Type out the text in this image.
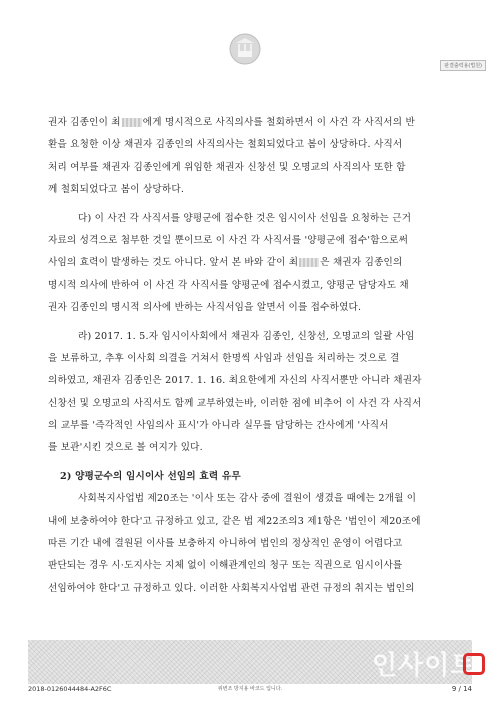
판결출력용(법원)
권자 김종인이 최 에게 명시적으로 사직의사를 철회하면서 이 사건 각 사직서의 반
환을 요청한 이상 채권자 김종인의 사직의사는 철회되었다고 봄이 상당하다. 사직서
처리 여부를 채권자 김종인에게 위임한 채권자 신창선 및 오명교의 사직의사 또한 함
께 철회되었다고 봄이 상당하다.
다) 이 사건 각 사직서를 양평군에 접수한 것은 임시이사 선임을 요청하는 근거
자료의 성격으로 첨부한 것일 뿐이므로 이 사건 각 사직서를 '양평군에 접수'함으로써
사임의 효력이 발생하는 것도 아니다. 앞서 본 바와 같이 최 은 채권자 김종인의
명시적 의사에 반하여 이 사건 각 사직서를 양평군에 접수시켰고, 양평군 담당자도 채
권자 김종인의 명시적 의사에 반하는 사직서임을 알면서 이를 접수하였다.
라) 2017. 1. 5.자 임시이사회에서 채권자 김종인, 신창선, 오명교의 일괄 사임
을 보류하고, 추후 이사회 의결을 거쳐서 한명씩 사임과 선임을 처리하는 것으로 결
의하였고, 채권자 김종인은 2017. 1. 16. 최요한에게 자신의 사직서뿐만 아니라 채권자
신창선 및 오명교의 사직서도 함께 교부하였는바, 이러한 점에 비추어 이 사건 각 사직서
의 교부를 '즉각적인 사임의사 표시'가 아니라 실무를 담당하는 간사에게 '사직서
를 보관'시킨 것으로 볼 여지가 있다.
2) 양평군수의 임시이사 선임의 효력 유무
사회복지사업법 제20조는 '이사 또는 감사 중에 결원이 생겼을 때에는 2개월 이
내에 보충하여야 한다'고 규정하고 있고, 같은 법 제22조의3 제1항은 '법인이 제20조에
따른 기간 내에 결원된 이사를 보충하지 아니하여 법인의 정상적인 운영이 어렵다고
판단되는 경우 시·도지사는 지체 없이 이해관계인의 청구 또는 직권으로 임시이사를
선임하여야 한다'고 규정하고 있다. 이러한 사회복지사업법 관련 규정의 취지는 법인의
인사이트
2018-0126044484-A2F6C	위변조 방지용 바코드 입니다.	9 / 14
